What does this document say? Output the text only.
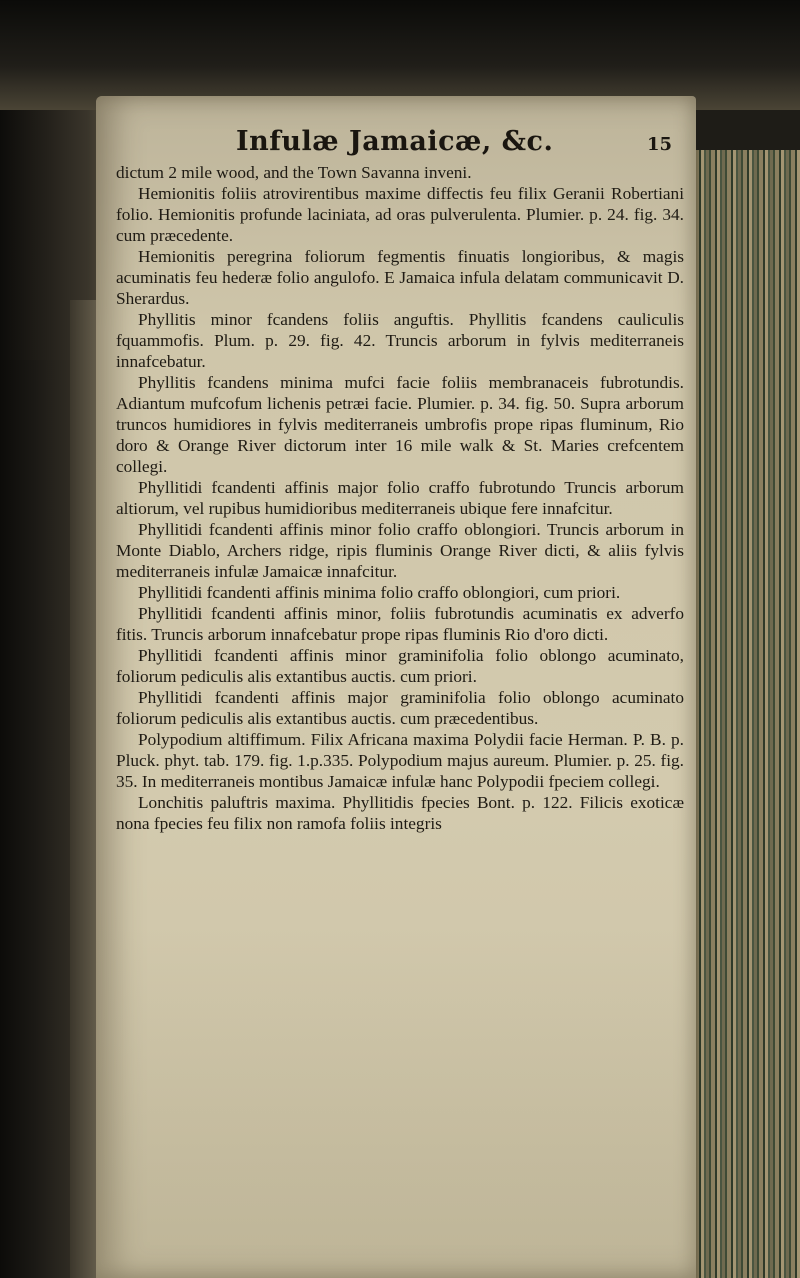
Infulæ Jamaicæ, &c.	15

dictum 2 mile wood, and the Town Savanna inveni.

Hemionitis foliis atrovirentibus maxime diffectis feu filix Geranii Robertiani folio. Hemionitis profunde laciniata, ad oras pulverulenta. Plumier. p. 24. fig. 34. cum præcedente.

Hemionitis peregrina foliorum fegmentis finuatis longioribus, & magis acuminatis feu hederæ folio angulofo. E Jamaica infula delatam communicavit D. Sherardus.

Phyllitis minor fcandens foliis anguftis. Phyllitis fcandens cauliculis fquammofis. Plum. p. 29. fig. 42. Truncis arborum in fylvis mediterraneis innafcebatur.

Phyllitis fcandens minima mufci facie foliis membranaceis fubrotundis. Adiantum mufcofum lichenis petræi facie. Plumier. p. 34. fig. 50. Supra arborum truncos humidiores in fylvis mediterraneis umbrofis prope ripas fluminum, Rio doro & Orange River dictorum inter 16 mile walk & St. Maries crefcentem collegi.

Phyllitidi fcandenti affinis major folio craffo fubrotundo Truncis arborum altiorum, vel rupibus humidioribus mediterraneis ubique fere innafcitur.

Phyllitidi fcandenti affinis minor folio craffo oblongiori. Truncis arborum in Monte Diablo, Archers ridge, ripis fluminis Orange River dicti, & aliis fylvis mediterraneis infulæ Jamaicæ innafcitur.

Phyllitidi fcandenti affinis minima folio craffo oblongiori, cum priori.

Phyllitidi fcandenti affinis minor, foliis fubrotundis acuminatis ex adverfo fitis. Truncis arborum innafcebatur prope ripas fluminis Rio d'oro dicti.

Phyllitidi fcandenti affinis minor graminifolia folio oblongo acuminato, foliorum pediculis alis extantibus auctis. cum priori.

Phyllitidi fcandenti affinis major graminifolia folio oblongo acuminato foliorum pediculis alis extantibus auctis. cum præcedentibus.

Polypodium altiffimum. Filix Africana maxima Polydii facie Herman. P. B. p. Pluck. phyt. tab. 179. fig. 1.p.335. Polypodium majus aureum. Plumier. p. 25. fig. 35. In mediterraneis montibus Jamaicæ infulæ hanc Polypodii fpeciem collegi.

Lonchitis paluftris maxima. Phyllitidis fpecies Bont. p. 122. Filicis exoticæ nona fpecies feu filix non ramofa foliis integris
